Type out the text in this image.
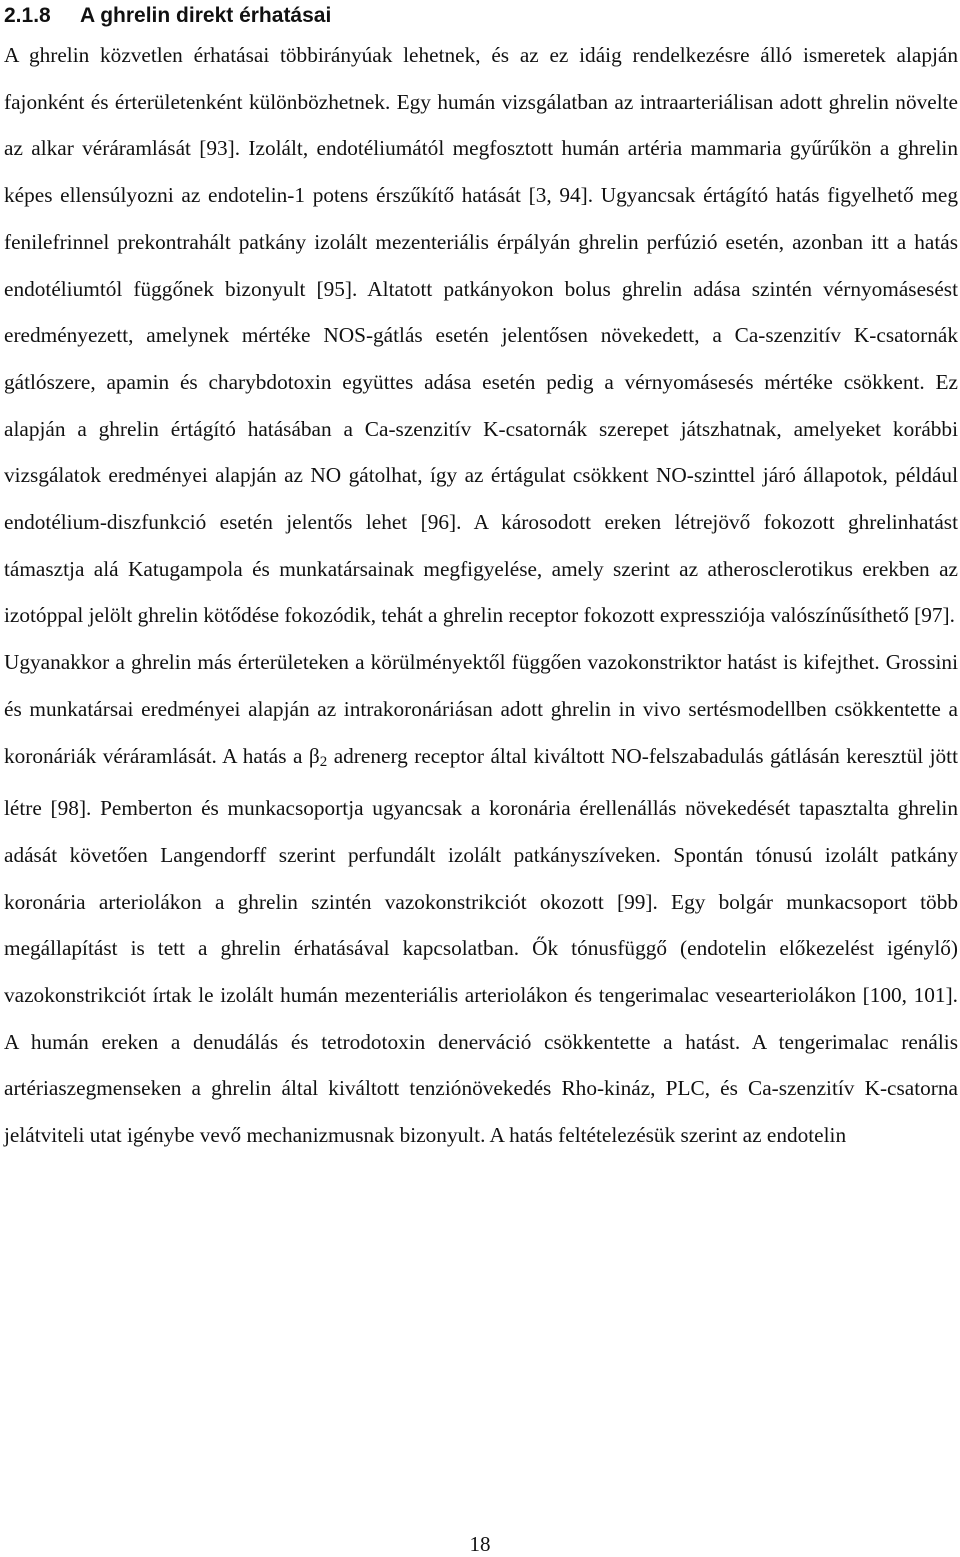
2.1.8 A ghrelin direkt érhatásai

A ghrelin közvetlen érhatásai többirányúak lehetnek, és az ez idáig rendelkezésre álló ismeretek alapján fajonként és érterületenként különbözhetnek. Egy humán vizsgálatban az intraarteriálisan adott ghrelin növelte az alkar véráramlását [93]. Izolált, endotéliumától megfosztott humán artéria mammaria gyűrűkön a ghrelin képes ellensúlyozni az endotelin-1 potens érszűkítő hatását [3, 94]. Ugyancsak értágító hatás figyelhető meg fenilefrinnel prekontrahált patkány izolált mezenteriális érpályán ghrelin perfúzió esetén, azonban itt a hatás endotéliumtól függőnek bizonyult [95]. Altatott patkányokon bolus ghrelin adása szintén vérnyomásesést eredményezett, amelynek mértéke NOS-gátlás esetén jelentősen növekedett, a Ca-szenzitív K-csatornák gátlószere, apamin és charybdotoxin együttes adása esetén pedig a vérnyomásesés mértéke csökkent. Ez alapján a ghrelin értágító hatásában a Ca-szenzitív K-csatornák szerepet játszhatnak, amelyeket korábbi vizsgálatok eredményei alapján az NO gátolhat, így az értágulat csökkent NO-szinttel járó állapotok, például endotélium-diszfunkció esetén jelentős lehet [96]. A károsodott ereken létrejövő fokozott ghrelinhatást támasztja alá Katugampola és munkatársainak megfigyelése, amely szerint az atherosclerotikus erekben az izotóppal jelölt ghrelin kötődése fokozódik, tehát a ghrelin receptor fokozott expressziója valószínűsíthető [97].

Ugyanakkor a ghrelin más érterületeken a körülményektől függően vazokonstriktor hatást is kifejthet. Grossini és munkatársai eredményei alapján az intrakoronáriásan adott ghrelin in vivo sertésmodellben csökkentette a koronáriák véráramlását. A hatás a $\beta_2$ adrenerg receptor által kiváltott NO-felszabadulás gátlásán keresztül jött létre [98]. Pemberton és munkacsoportja ugyancsak a koronária érellenállás növekedését tapasztalta ghrelin adását követően Langendorff szerint perfundált izolált patkányszíveken. Spontán tónusú izolált patkány koronária arteriolákon a ghrelin szintén vazokonstrikciót okozott [99]. Egy bolgár munkacsoport több megállapítást is tett a ghrelin érhatásával kapcsolatban. Ők tónusfüggő (endotelin előkezelést igénylő) vazokonstrikciót írtak le izolált humán mezenteriális arteriolákon és tengerimalac vesearteriolákon [100, 101]. A humán ereken a denudálás és tetrodotoxin denerváció csökkentette a hatást. A tengerimalac renális artériaszegmenseken a ghrelin által kiváltott tenziónövekedés Rho-kináz, PLC, és Ca-szenzitív K-csatorna jelátviteli utat igénybe vevő mechanizmusnak bizonyult. A hatás feltételezésük szerint az endotelin

18
